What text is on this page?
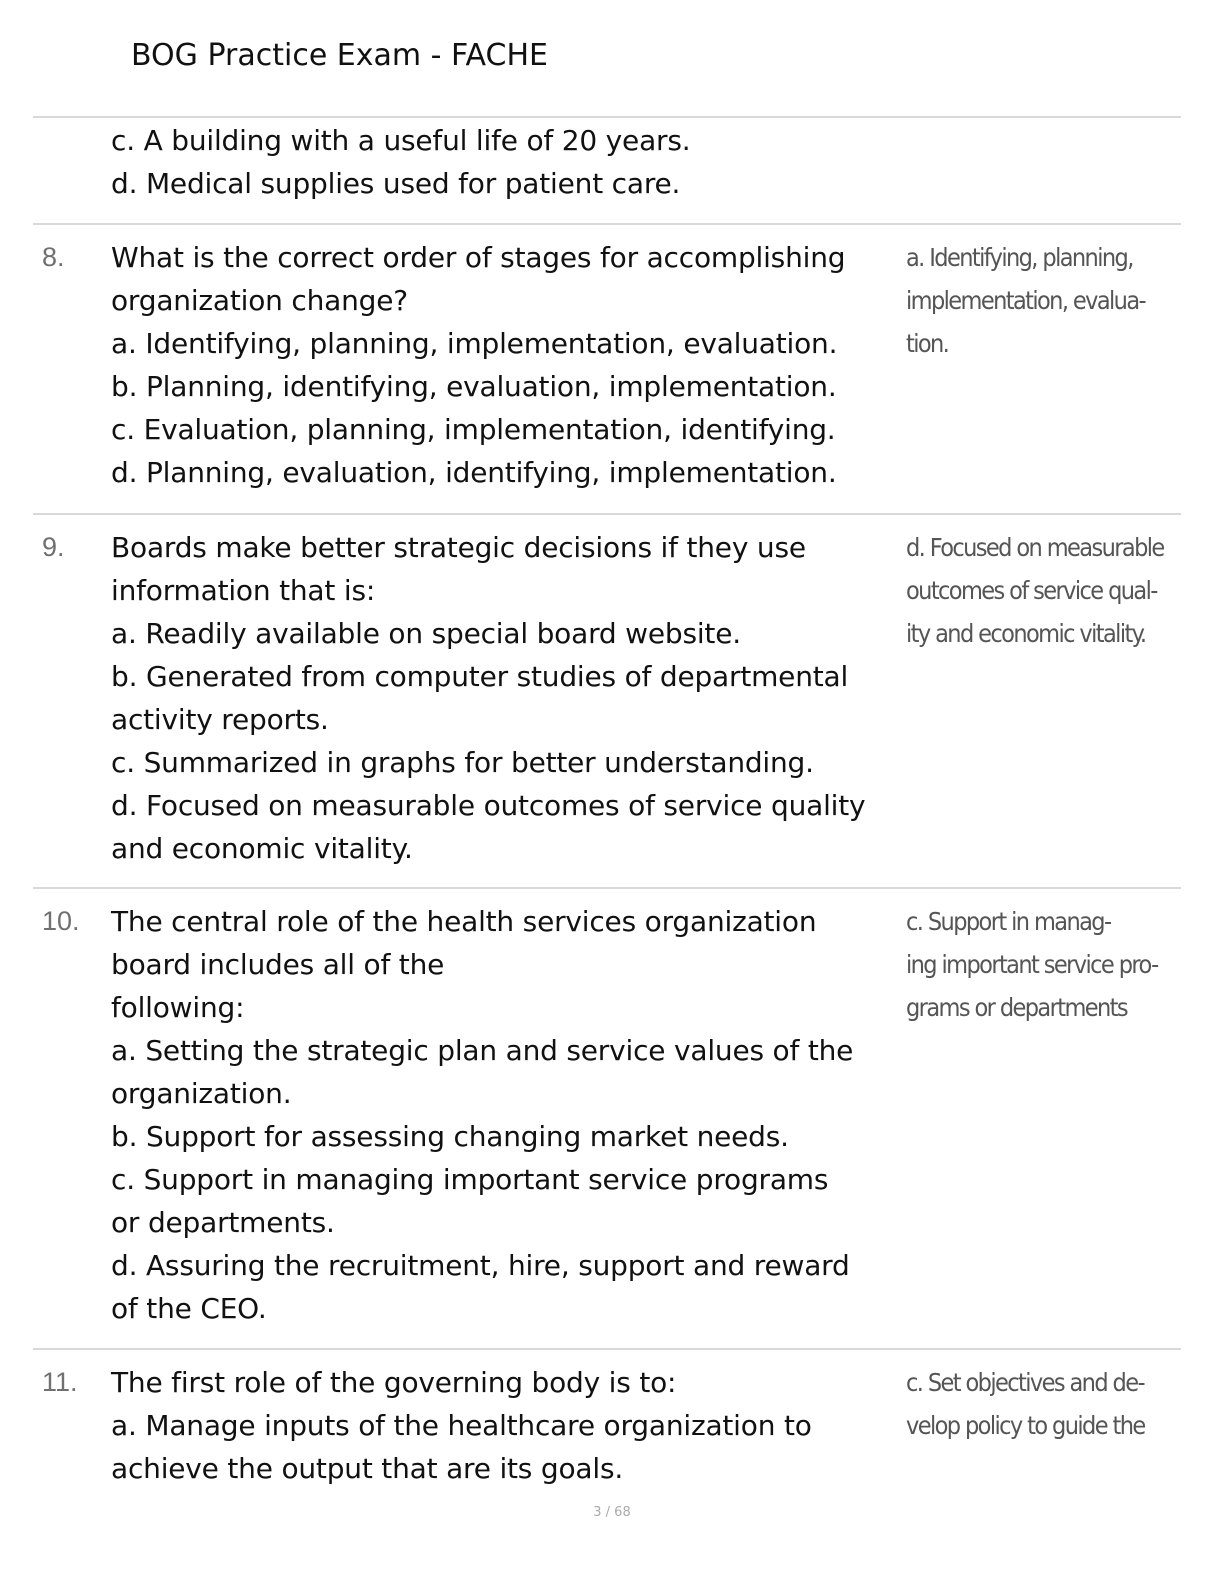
BOG Practice Exam - FACHE
c. A building with a useful life of 20 years.
d. Medical supplies used for patient care.
8. What is the correct order of stages for accomplishing
organization change?
a. Identifying, planning, implementation, evaluation.
b. Planning, identifying, evaluation, implementation.
c. Evaluation, planning, implementation, identifying.
d. Planning, evaluation, identifying, implementation.
a. Identifying, planning,
implementation, evalua-
tion.
9. Boards make better strategic decisions if they use
information that is:
a. Readily available on special board website.
b. Generated from computer studies of departmental
activity reports.
c. Summarized in graphs for better understanding.
d. Focused on measurable outcomes of service quality
and economic vitality.
d. Focused on measurable
outcomes of service qual-
ity and economic vitality.
10. The central role of the health services organization
board includes all of the
following:
a. Setting the strategic plan and service values of the
organization.
b. Support for assessing changing market needs.
c. Support in managing important service programs
or departments.
d. Assuring the recruitment, hire, support and reward
of the CEO.
c. Support in manag-
ing important service pro-
grams or departments
11. The first role of the governing body is to:
a. Manage inputs of the healthcare organization to
achieve the output that are its goals.
c. Set objectives and de-
velop policy to guide the
3 / 68
